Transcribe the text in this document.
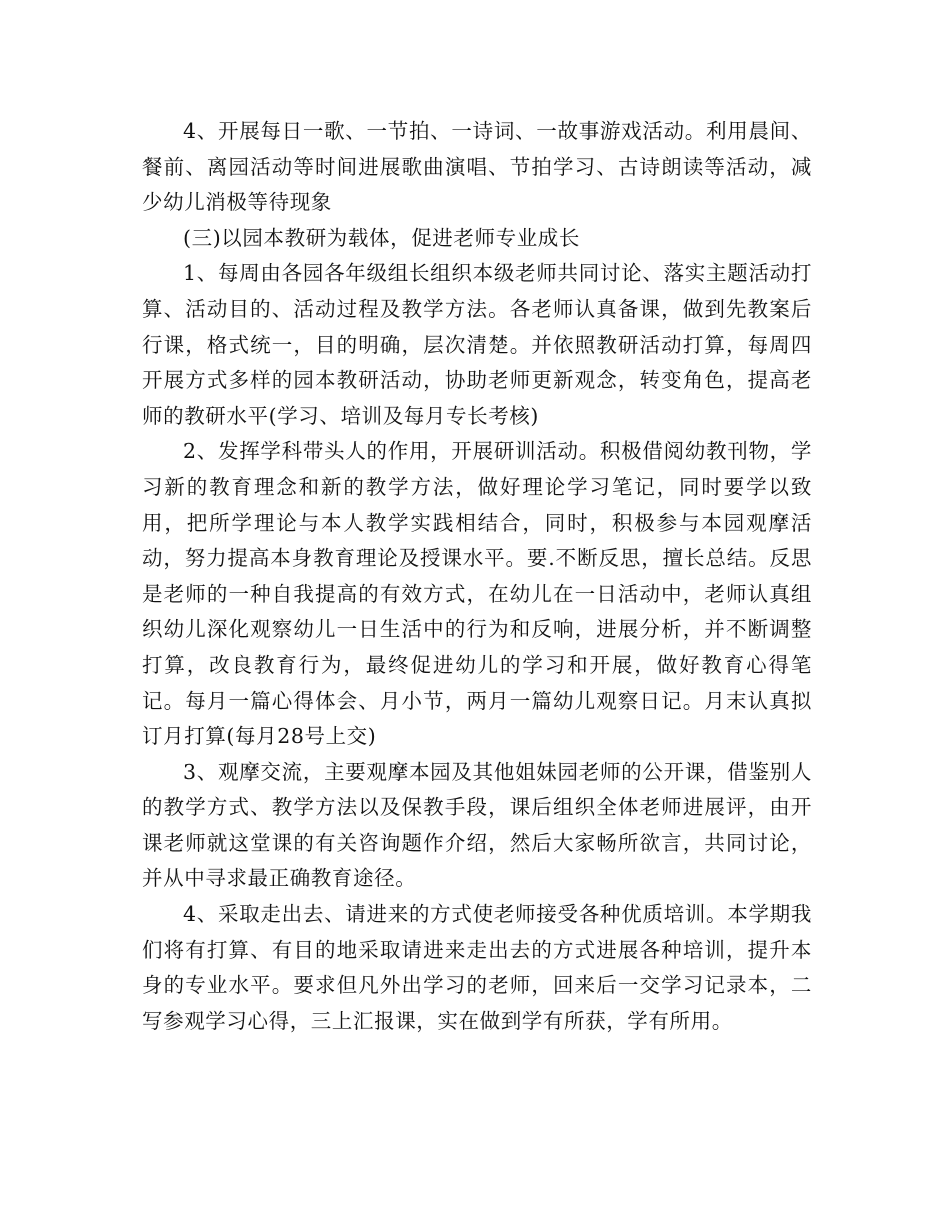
4、开展每日一歌、一节拍、一诗词、一故事游戏活动。利用晨间、餐前、离园活动等时间进展歌曲演唱、节拍学习、古诗朗读等活动，减少幼儿消极等待现象

(三)以园本教研为载体，促进老师专业成长

1、每周由各园各年级组长组织本级老师共同讨论、落实主题活动打算、活动目的、活动过程及教学方法。各老师认真备课，做到先教案后行课，格式统一，目的明确，层次清楚。并依照教研活动打算，每周四开展方式多样的园本教研活动，协助老师更新观念，转变角色，提高老师的教研水平(学习、培训及每月专长考核)

2、发挥学科带头人的作用，开展研训活动。积极借阅幼教刊物，学习新的教育理念和新的教学方法，做好理论学习笔记，同时要学以致用，把所学理论与本人教学实践相结合，同时，积极参与本园观摩活动，努力提高本身教育理论及授课水平。要.不断反思，擅长总结。反思是老师的一种自我提高的有效方式，在幼儿在一日活动中，老师认真组织幼儿深化观察幼儿一日生活中的行为和反响，进展分析，并不断调整打算，改良教育行为，最终促进幼儿的学习和开展，做好教育心得笔记。每月一篇心得体会、月小节，两月一篇幼儿观察日记。月末认真拟订月打算(每月28号上交)

3、观摩交流，主要观摩本园及其他姐妹园老师的公开课，借鉴别人的教学方式、教学方法以及保教手段，课后组织全体老师进展评，由开课老师就这堂课的有关咨询题作介绍，然后大家畅所欲言，共同讨论，并从中寻求最正确教育途径。

4、采取走出去、请进来的方式使老师接受各种优质培训。本学期我们将有打算、有目的地采取请进来走出去的方式进展各种培训，提升本身的专业水平。要求但凡外出学习的老师，回来后一交学习记录本，二写参观学习心得，三上汇报课，实在做到学有所获，学有所用。
